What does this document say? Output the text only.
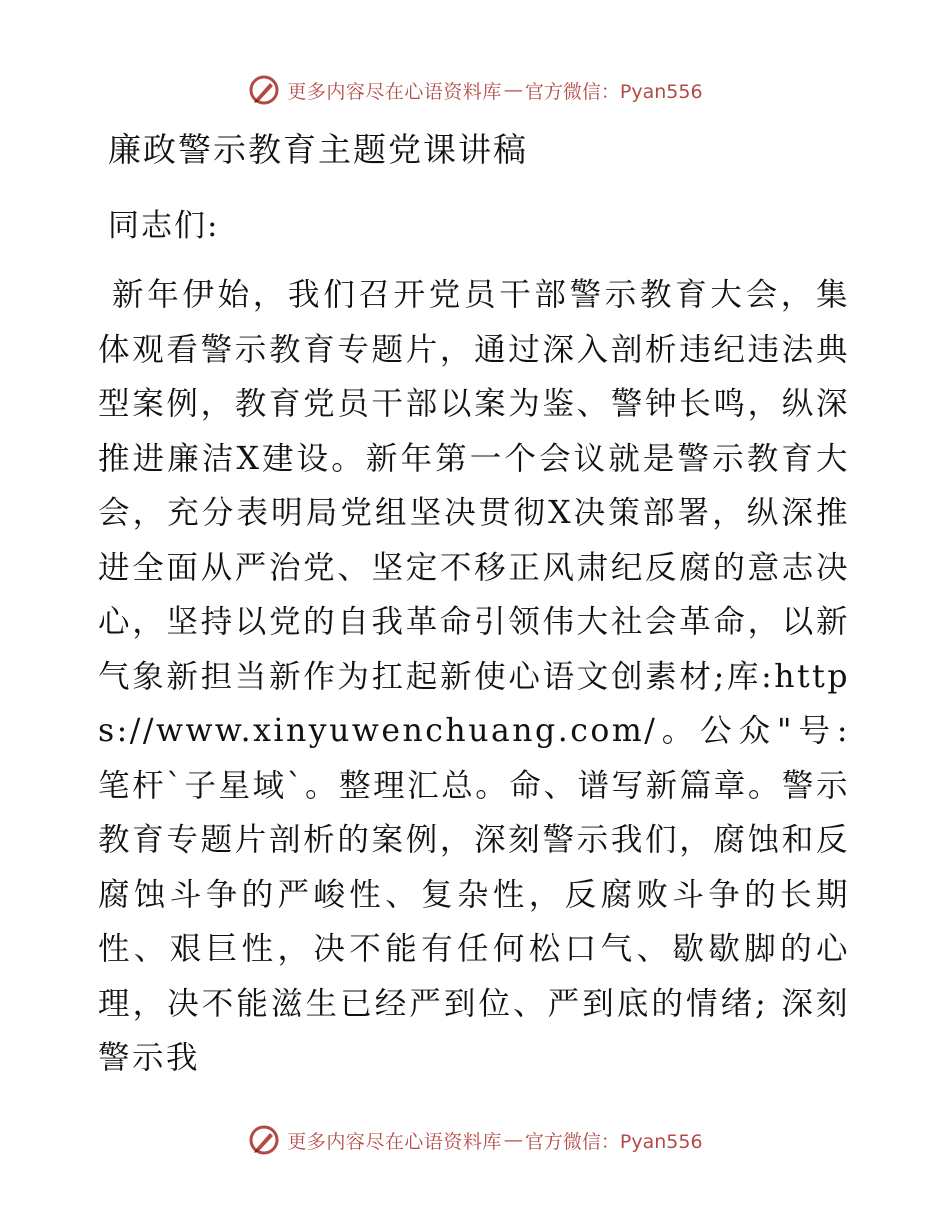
更多内容尽在心语资料库 — 官方微信：Pyan556
廉政警示教育主题党课讲稿

同志们:

新年伊始，我们召开党员干部警示教育大会，集体观看警示教育专题片，通过深入剖析违纪违法典型案例，教育党员干部以案为鉴、警钟长鸣，纵深推进廉洁X建设。新年第一个会议就是警示教育大会，充分表明局党组坚决贯彻X决策部署，纵深推进全面从严治党、坚定不移正风肃纪反腐的意志决心，坚持以党的自我革命引领伟大社会革命，以新气象新担当新作为扛起新使心语文创素材;库:https://www.xinyuwenchuang.com/。公众"号: 笔杆`子星域`。整理汇总。命、谱写新篇章。警示教育专题片剖析的案例，深刻警示我们，腐蚀和反腐蚀斗争的严峻性、复杂性，反腐败斗争的长期性、艰巨性，决不能有任何松口气、歇歇脚的心理，决不能滋生已经严到位、严到底的情绪; 深刻警示我

更多内容尽在心语资料库 — 官方微信：Pyan556
